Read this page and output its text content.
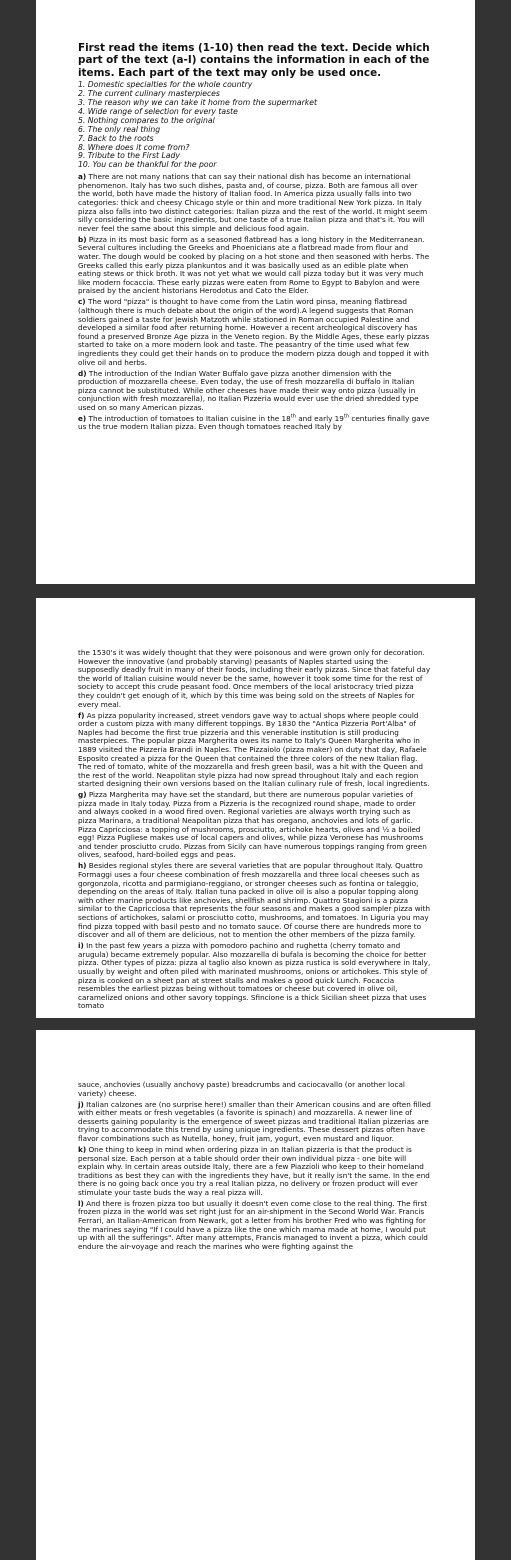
First read the items (1-10) then read the text. Decide which part of the text (a-I) contains the information in each of the items. Each part of the text may only be used once.

1. Domestic specialties for the whole country
2. The current culinary masterpieces
3. The reason why we can take it home from the supermarket
4. Wide range of selection for every taste
5. Nothing compares to the original
6. The only real thing
7. Back to the roots
8. Where does it come from?
9. Tribute to the First Lady
10. You can be thankful for the poor

a) There are not many nations that can say their national dish has become an international phenomenon. Italy has two such dishes, pasta and, of course, pizza. Both are famous all over the world, both have made the history of Italian food. In America pizza usually falls into two categories: thick and cheesy Chicago style or thin and more traditional New York pizza. In Italy pizza also falls into two distinct categories: Italian pizza and the rest of the world. It might seem silly considering the basic ingredients, but one taste of a true Italian pizza and that's it. You will never feel the same about this simple and delicious food again.

b) Pizza in its most basic form as a seasoned flatbread has a long history in the Mediterranean. Several cultures including the Greeks and Phoenicians ate a flatbread made from flour and water. The dough would be cooked by placing on a hot stone and then seasoned with herbs. The Greeks called this early pizza plankuntos and it was basically used as an edible plate when eating stews or thick broth. It was not yet what we would call pizza today but it was very much like modern focaccia. These early pizzas were eaten from Rome to Egypt to Babylon and were praised by the ancient historians Herodotus and Cato the Elder.

c) The word "pizza" is thought to have come from the Latin word pinsa, meaning flatbread (although there is much debate about the origin of the word).A legend suggests that Roman soldiers gained a taste for Jewish Matzoth while stationed in Roman occupied Palestine and developed a similar food after returning home. However a recent archeological discovery has found a preserved Bronze Age pizza in the Veneto region. By the Middle Ages, these early pizzas started to take on a more modern look and taste. The peasantry of the time used what few ingredients they could get their hands on to produce the modern pizza dough and topped it with olive oil and herbs.

d) The introduction of the Indian Water Buffalo gave pizza another dimension with the production of mozzarella cheese. Even today, the use of fresh mozzarella di buffalo in Italian pizza cannot be substituted. While other cheeses have made their way onto pizza (usually in conjunction with fresh mozzarella), no Italian Pizzeria would ever use the dried shredded type used on so many American pizzas.

e) The introduction of tomatoes to Italian cuisine in the 18th and early 19th centuries finally gave us the true modern Italian pizza. Even though tomatoes reached Italy by

the 1530's it was widely thought that they were poisonous and were grown only for decoration. However the innovative (and probably starving) peasants of Naples started using the supposedly deadly fruit in many of their foods, including their early pizzas. Since that fateful day the world of Italian cuisine would never be the same, however it took some time for the rest of society to accept this crude peasant food. Once members of the local aristocracy tried pizza they couldn't get enough of it, which by this time was being sold on the streets of Naples for every meal.

f) As pizza popularity increased, street vendors gave way to actual shops where people could order a custom pizza with many different toppings. By 1830 the "Antica Pizzeria Port'Alba" of Naples had become the first true pizzeria and this venerable institution is still producing masterpieces. The popular pizza Margherita owes its name to Italy's Queen Margherita who in 1889 visited the Pizzeria Brandi in Naples. The Pizzaiolo (pizza maker) on duty that day, Rafaele Esposito created a pizza for the Queen that contained the three colors of the new Italian flag. The red of tomato, white of the mozzarella and fresh green basil, was a hit with the Queen and the rest of the world. Neapolitan style pizza had now spread throughout Italy and each region started designing their own versions based on the Italian culinary rule of fresh, local ingredients.

g) Pizza Margherita may have set the standard, but there are numerous popular varieties of pizza made in Italy today. Pizza from a Pizzeria is the recognized round shape, made to order and always cooked in a wood fired oven. Regional varieties are always worth trying such as pizza Marinara, a traditional Neapolitan pizza that has oregano, anchovies and lots of garlic. Pizza Capricciosa: a topping of mushrooms, prosciutto, artichoke hearts, olives and ½ a boiled egg! Pizza Pugliese makes use of local capers and olives, while pizza Veronese has mushrooms and tender prosciutto crudo. Pizzas from Sicily can have numerous toppings ranging from green olives, seafood, hard-boiled eggs and peas.

h) Besides regional styles there are several varieties that are popular throughout Italy. Quattro Formaggi uses a four cheese combination of fresh mozzarella and three local cheeses such as gorgonzola, ricotta and parmigiano-reggiano, or stronger cheeses such as fontina or taleggio, depending on the areas of Italy. Italian tuna packed in olive oil is also a popular topping along with other marine products like anchovies, shellfish and shrimp. Quattro Stagioni is a pizza similar to the Capricciosa that represents the four seasons and makes a good sampler pizza with sections of artichokes, salami or prosciutto cotto, mushrooms, and tomatoes. In Liguria you may find pizza topped with basil pesto and no tomato sauce. Of course there are hundreds more to discover and all of them are delicious, not to mention the other members of the pizza family.

i) In the past few years a pizza with pomodoro pachino and rughetta (cherry tomato and arugula) became extremely popular. Also mozzarella di bufala is becoming the choice for better pizza. Other types of pizza: pizza al taglio also known as pizza rustica is sold everywhere in Italy, usually by weight and often piled with marinated mushrooms, onions or artichokes. This style of pizza is cooked on a sheet pan at street stalls and makes a good quick Lunch. Focaccia resembles the earliest pizzas being without tomatoes or cheese but covered in olive oil, caramelized onions and other savory toppings. Sfincione is a thick Sicilian sheet pizza that uses tomato

sauce, anchovies (usually anchovy paste) breadcrumbs and caciocavallo (or another local variety) cheese.

j) Italian calzones are (no surprise here!) smaller than their American cousins and are often filled with either meats or fresh vegetables (a favorite is spinach) and mozzarella. A newer line of desserts gaining popularity is the emergence of sweet pizzas and traditional Italian pizzerias are trying to accommodate this trend by using unique ingredients. These dessert pizzas often have flavor combinations such as Nutella, honey, fruit jam, yogurt, even mustard and liquor.

k) One thing to keep in mind when ordering pizza in an Italian pizzeria is that the product is personal size. Each person at a table should order their own individual pizza - one bite will explain why. In certain areas outside Italy, there are a few Piazzioli who keep to their homeland traditions as best they can with the ingredients they have, but it really isn't the same. In the end there is no going back once you try a real Italian pizza, no delivery or frozen product will ever stimulate your taste buds the way a real pizza will.

l) And there is frozen pizza too but usually it doesn't even come close to the real thing. The first frozen pizza in the world was set right just for an air-shipment in the Second World War. Francis Ferrari, an Italian-American from Newark, got a letter from his brother Fred who was fighting for the marines saying "If I could have a pizza like the one which mama made at home, I would put up with all the sufferings". After many attempts, Francis managed to invent a pizza, which could endure the air-voyage and reach the marines who were fighting against the
